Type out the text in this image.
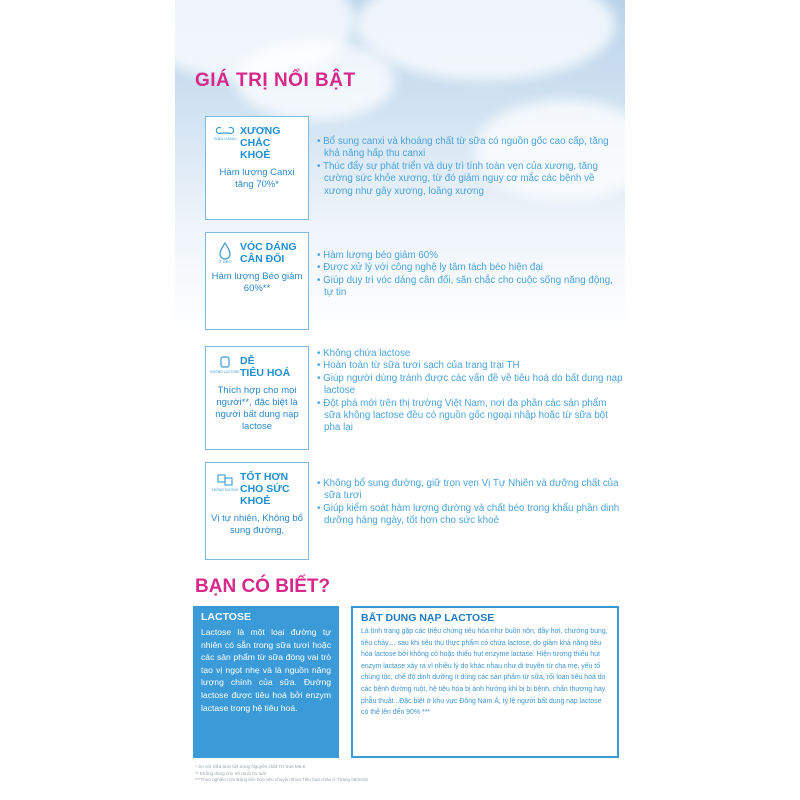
GIÁ TRỊ NỔI BẬT
GIÀU CANXI
XƯƠNG
CHẮC KHOẺ
Hàm lượng Canxi tăng 70%*
• Bổ sung canxi và khoáng chất từ sữa có nguồn gốc cao cấp, tăng khả năng hấp thu canxi
• Thúc đẩy sự phát triển và duy trì tính toàn vẹn của xương, tăng cường sức khỏe xương, từ đó giảm nguy cơ mắc các bệnh về xương như gãy xương, loãng xương
ÍT BÉO
VÓC DÁNG
CÂN ĐỐI
Hàm lượng Béo giảm 60%**
• Hàm lượng béo giảm 60%
• Được xử lý với công nghệ ly tâm tách béo hiện đại
• Giúp duy trì vóc dáng cân đối, săn chắc cho cuộc sống năng động, tự tin
KHÔNG LACTOSE
DỄ
TIÊU HOÁ
Thích hợp cho mọi người**, đặc biệt là người bất dung nạp lactose
• Không chứa lactose
• Hoàn toàn từ sữa tươi sạch của trang trại TH
• Giúp người dùng tránh được các vấn đề về tiêu hoá do bất dung nạp lactose
• Đột phá mới trên thị trường Việt Nam, nơi đa phần các sản phẩm sữa không lactose đều có nguồn gốc ngoại nhập hoặc từ sữa bột pha lại
KHÔNG ĐƯỜNG
TỐT HƠN
CHO SỨC KHOẺ
Vị tự nhiên, Không bổ sung đường,
• Không bổ sung đường, giữ trọn vẹn Vị Tự Nhiên và dưỡng chất của sữa tươi
• Giúp kiểm soát hàm lượng đường và chất béo trong khẩu phần dinh dưỡng hàng ngày, tốt hơn cho sức khoẻ
BẠN CÓ BIẾT?
LACTOSE
Lactose là một loại đường tự nhiên có sẵn trong sữa tươi hoặc các sản phẩm từ sữa đóng vai trò tạo vị ngọt nhẹ và là nguồn năng lượng chính của sữa. Đường lactose được tiêu hoá bởi enzym lactase trong hệ tiêu hoá.
BẤT DUNG NẠP LACTOSE
Là tình trạng gặp các triệu chứng tiêu hóa như buồn nôn, đầy hơi, chướng bụng, tiêu chảy,... sau khi tiêu thụ thực phẩm có chứa lactose, do giảm khả năng tiêu hóa lactose bởi không có hoặc thiếu hụt enzyme lactase. Hiện tượng thiếu hụt enzym lactase xảy ra vì nhiều lý do khác nhau như di truyền từ cha mẹ, yếu tố chủng tộc, chế độ dinh dưỡng ít dùng các sản phẩm từ sữa, rối loạn tiêu hoá do các bệnh đường ruột, hệ tiêu hóa bị ảnh hưởng khi bị bị bệnh, chấn thương hay phẫu thuật...Đặc biệt ở khu vực Đông Nam Á, tỷ lệ người bất dung nạp lactose có thể lên đến 90% ***
* So với Sữa tươi tiệt trùng Nguyên chất TH true MILK
** Không dùng cho trẻ dưới 01 tuổi
***Theo nghiên cứu Bảng liên hợp tiêu chuyên khoa Tiêu hoá châu Á-Tháng 06/2018
